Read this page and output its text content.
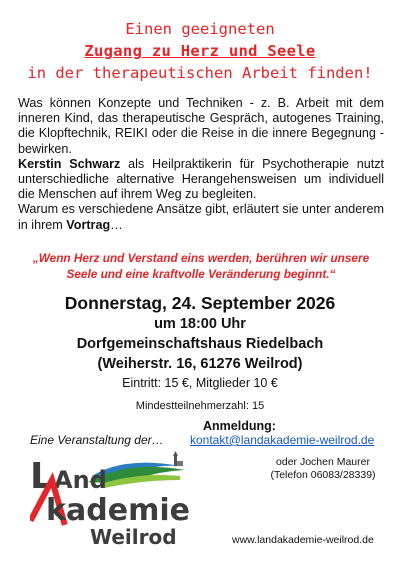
Einen geeigneten
Zugang zu Herz und Seele
in der therapeutischen Arbeit finden!

Was können Konzepte und Techniken - z. B. Arbeit mit dem inneren Kind, das therapeutische Gespräch, autogenes Training, die Klopftechnik, REIKI oder die Reise in die innere Begegnung - bewirken.

Kerstin Schwarz als Heilpraktikerin für Psychotherapie nutzt unterschiedliche alternative Herangehensweisen um individuell die Menschen auf ihrem Weg zu begleiten.

Warum es verschiedene Ansätze gibt, erläutert sie unter anderem in ihrem Vortrag…

„Wenn Herz und Verstand eins werden, berühren wir unsere Seele und eine kraftvolle Veränderung beginnt.“
Donnerstag, 24. September 2026
um 18:00 Uhr
Dorfgemeinschaftshaus Riedelbach
(Weiherstr. 16, 61276 Weilrod)
Eintritt: 15 €, Mitglieder 10 €
Mindestteilnehmerzahl: 15
Anmeldung:
Eine Veranstaltung der… kontakt@landakademie-weilrod.de
oder Jochen Maurer
(Telefon 06083/28339)
L And
k ademie
Weilrod	www.landakademie-weilrod.de
